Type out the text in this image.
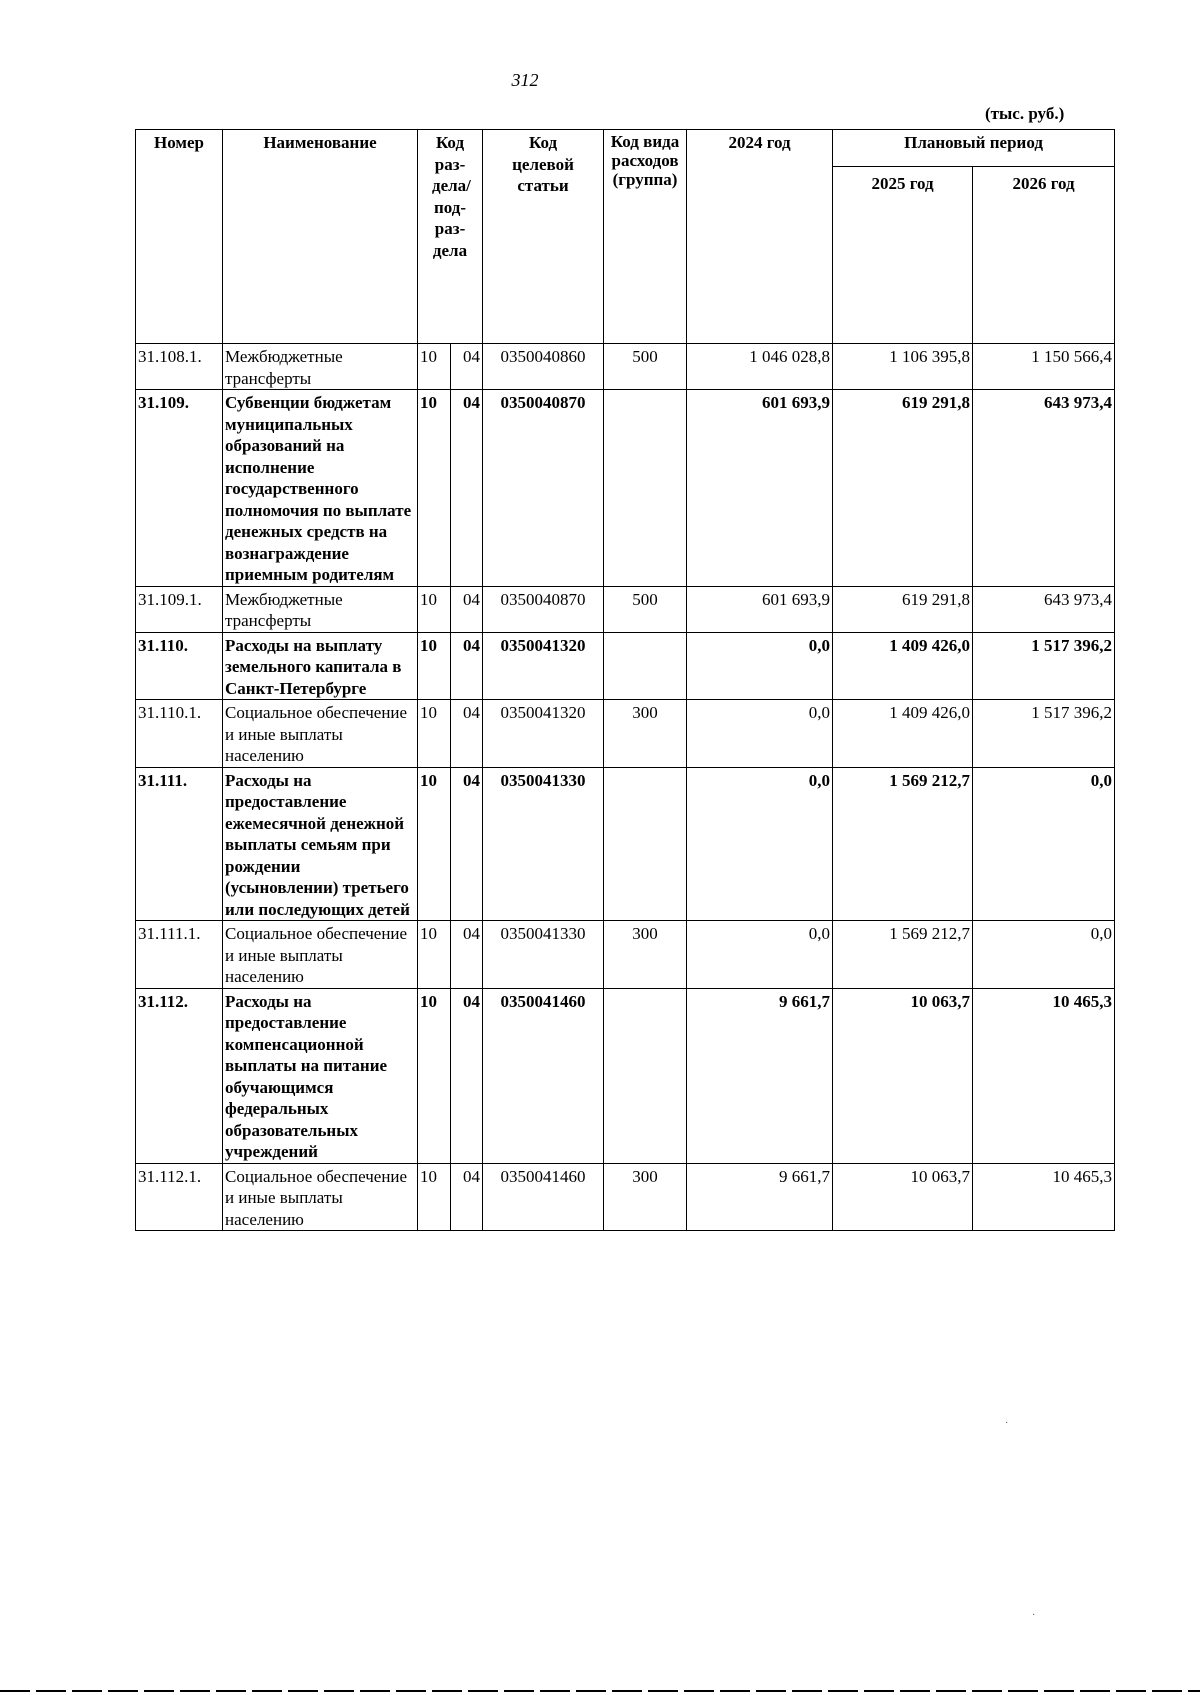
312
(тыс. руб.)
Номер	Наименование	Код раз-дела/ под-раз-дела		Код целевой статьи	Код вида расходов (группа)	2024 год	Плановый период	
							2025 год	2026 год
31.108.1.	Межбюджетные трансферты	10	04	0350040860	500	1 046 028,8	1 106 395,8	1 150 566,4
31.109.	Субвенции бюджетам муниципальных образований на исполнение государственного полномочия по выплате денежных средств на вознаграждение приемным родителям	10	04	0350040870		601 693,9	619 291,8	643 973,4
31.109.1.	Межбюджетные трансферты	10	04	0350040870	500	601 693,9	619 291,8	643 973,4
31.110.	Расходы на выплату земельного капитала в Санкт-Петербурге	10	04	0350041320		0,0	1 409 426,0	1 517 396,2
31.110.1.	Социальное обеспечение и иные выплаты населению	10	04	0350041320	300	0,0	1 409 426,0	1 517 396,2
31.111.	Расходы на предоставление ежемесячной денежной выплаты семьям при рождении (усыновлении) третьего или последующих детей	10	04	0350041330		0,0	1 569 212,7	0,0
31.111.1.	Социальное обеспечение и иные выплаты населению	10	04	0350041330	300	0,0	1 569 212,7	0,0
31.112.	Расходы на предоставление компенсационной выплаты на питание обучающимся федеральных образовательных учреждений	10	04	0350041460		9 661,7	10 063,7	10 465,3
31.112.1.	Социальное обеспечение и иные выплаты населению	10	04	0350041460	300	9 661,7	10 063,7	10 465,3
·
·
